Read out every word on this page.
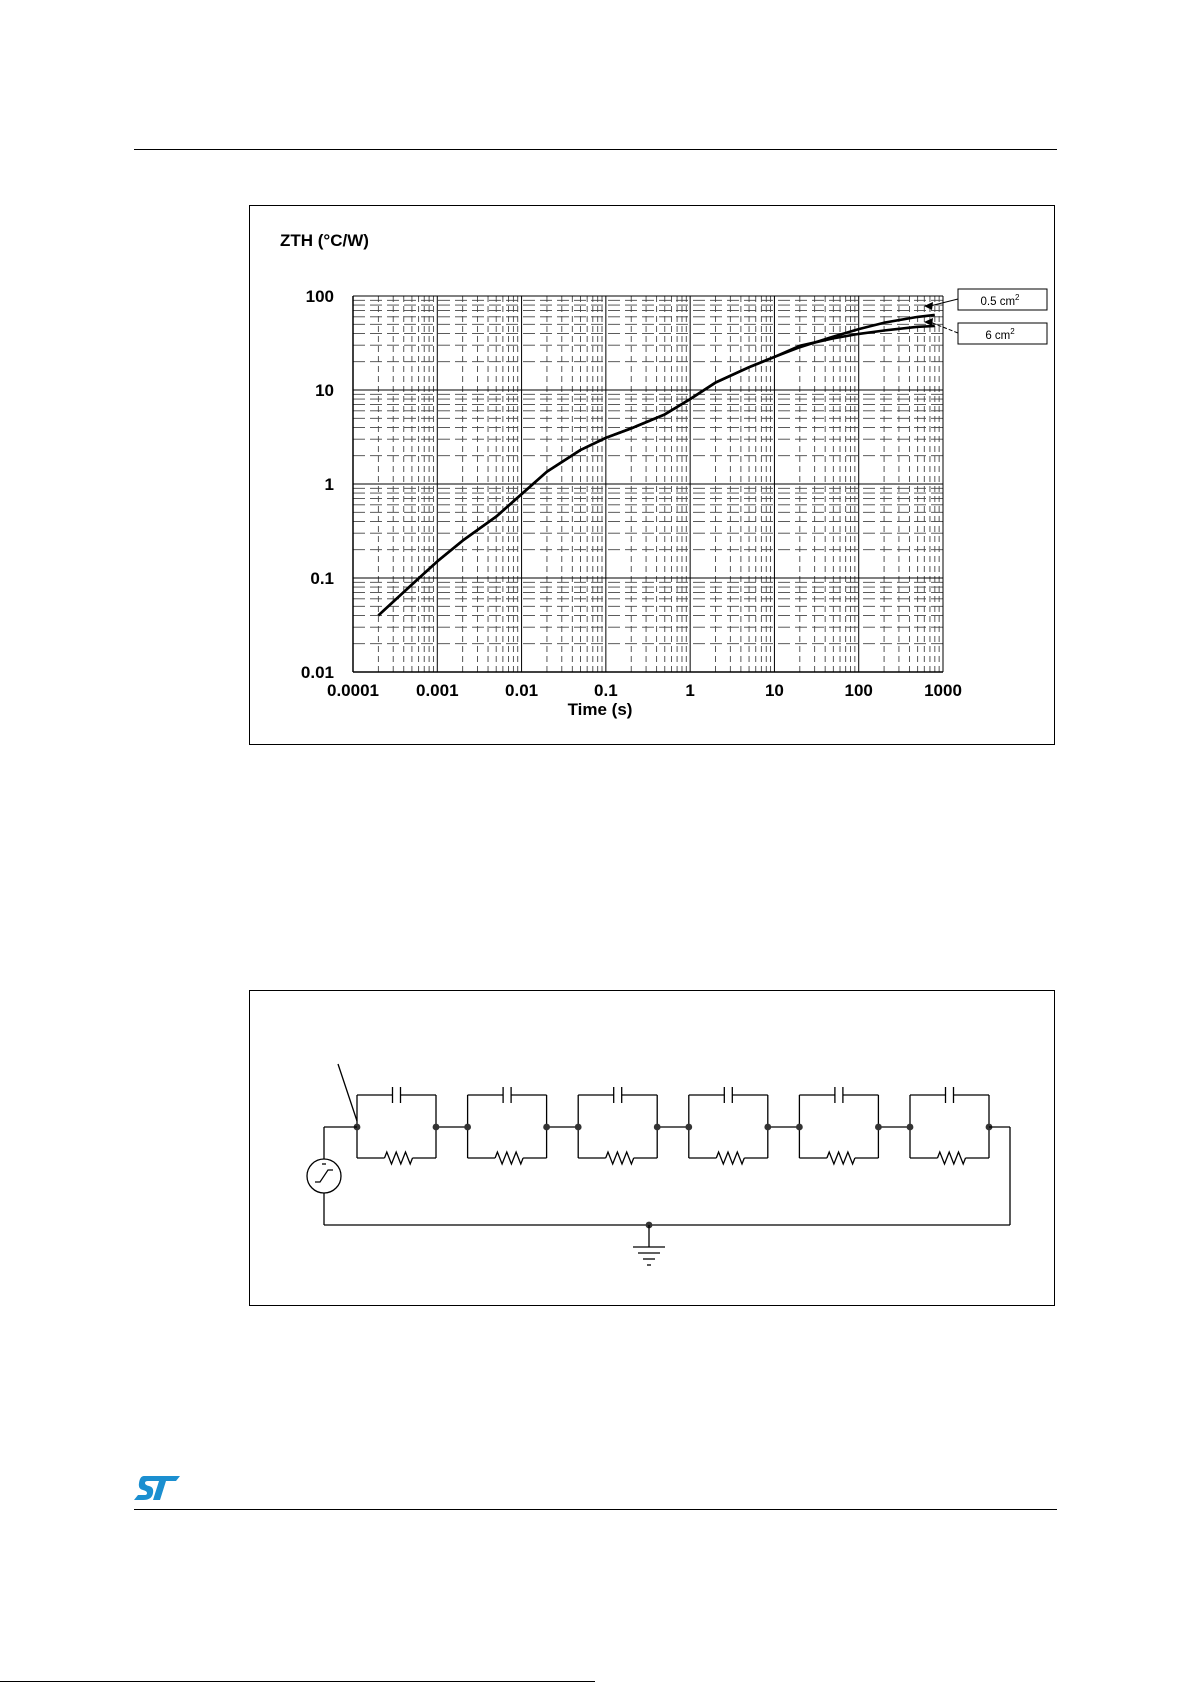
ZTH (°C/W)
Time (s)
0.0001 0.001	0.01	0.1	1	10	100	1000
0.01
0.1
1
10
100	0.5 $cm^2$
6 $cm^2$
